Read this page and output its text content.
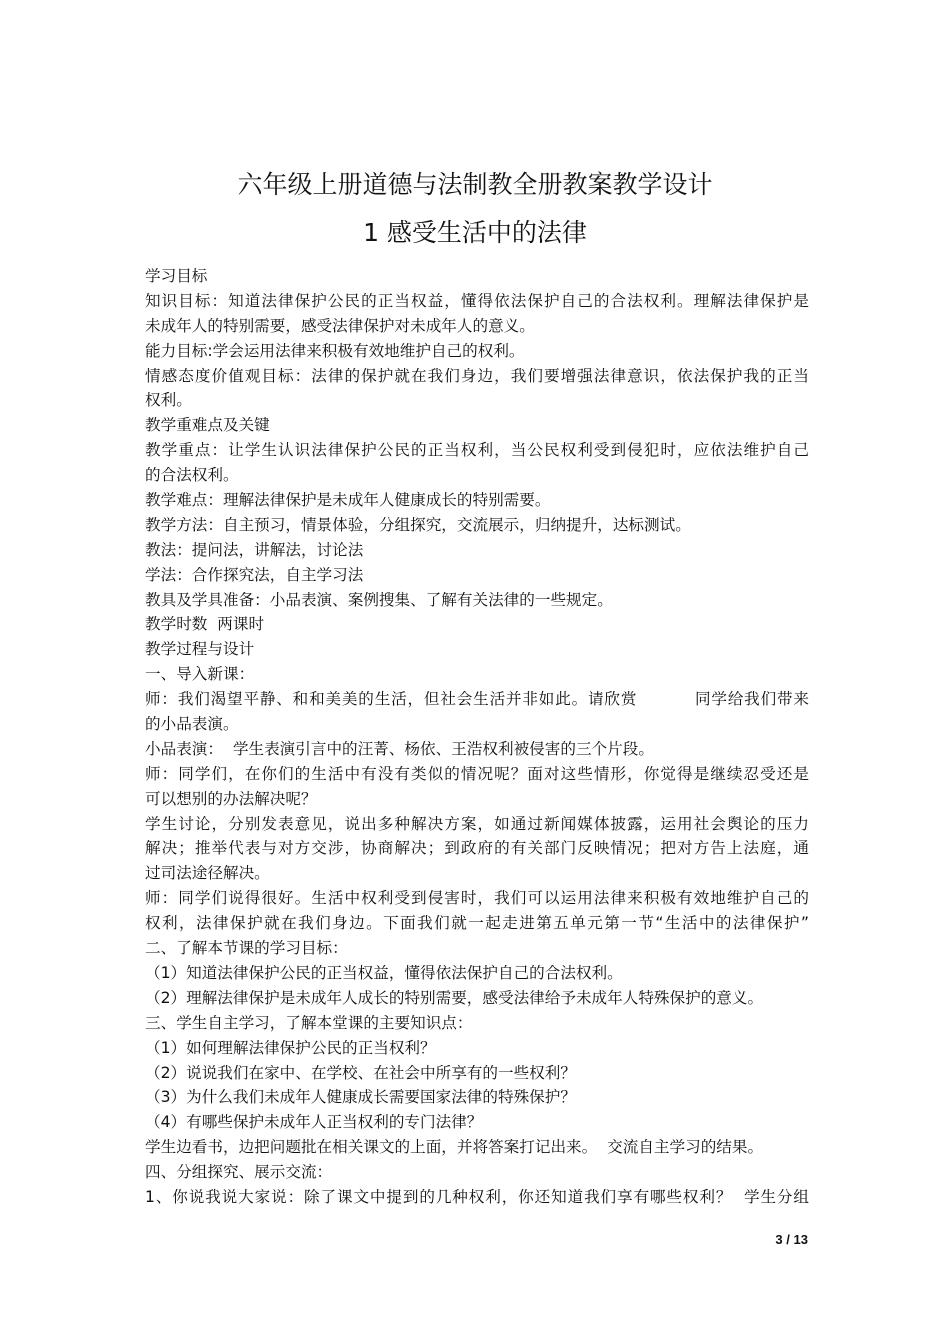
六年级上册道德与法制教全册教案教学设计
1 感受生活中的法律

学习目标

知识目标：知道法律保护公民的正当权益，懂得依法保护自己的合法权利。理解法律保护是

未成年人的特别需要，感受法律保护对未成年人的意义。

能力目标:学会运用法律来积极有效地维护自己的权利。

情感态度价值观目标：法律的保护就在我们身边，我们要增强法律意识，依法保护我的正当

权利。

教学重难点及关键

教学重点：让学生认识法律保护公民的正当权利，当公民权利受到侵犯时，应依法维护自己

的合法权利。

教学难点：理解法律保护是未成年人健康成长的特别需要。

教学方法：自主预习，情景体验，分组探究，交流展示，归纳提升，达标测试。

教法：提问法，讲解法，讨论法

学法：合作探究法，自主学习法

教具及学具准备：小品表演、案例搜集、了解有关法律的一些规定。

教学时数  两课时

教学过程与设计

一、导入新课：

师：我们渴望平静、和和美美的生活，但社会生活并非如此。请欣赏          同学给我们带来

的小品表演。

小品表演：  学生表演引言中的汪菁、杨依、王浩权利被侵害的三个片段。

师：同学们，在你们的生活中有没有类似的情况呢？面对这些情形，你觉得是继续忍受还是

可以想别的办法解决呢？

学生讨论，分别发表意见，说出多种解决方案，如通过新闻媒体披露，运用社会舆论的压力

解决；推举代表与对方交涉，协商解决；到政府的有关部门反映情况；把对方告上法庭，通

过司法途径解决。

师：同学们说得很好。生活中权利受到侵害时，我们可以运用法律来积极有效地维护自己的

权利，法律保护就在我们身边。下面我们就一起走进第五单元第一节“生活中的法律保护”

二、了解本节课的学习目标：

（1）知道法律保护公民的正当权益，懂得依法保护自己的合法权利。

（2）理解法律保护是未成年人成长的特别需要，感受法律给予未成年人特殊保护的意义。

三、学生自主学习，了解本堂课的主要知识点：

（1）如何理解法律保护公民的正当权利？

（2）说说我们在家中、在学校、在社会中所享有的一些权利？

（3）为什么我们未成年人健康成长需要国家法律的特殊保护？

（4）有哪些保护未成年人正当权利的专门法律？

学生边看书，边把问题批在相关课文的上面，并将答案打记出来。  交流自主学习的结果。

四、分组探究、展示交流：

1、你说我说大家说：除了课文中提到的几种权利，你还知道我们享有哪些权利？  学生分组

3 / 13
